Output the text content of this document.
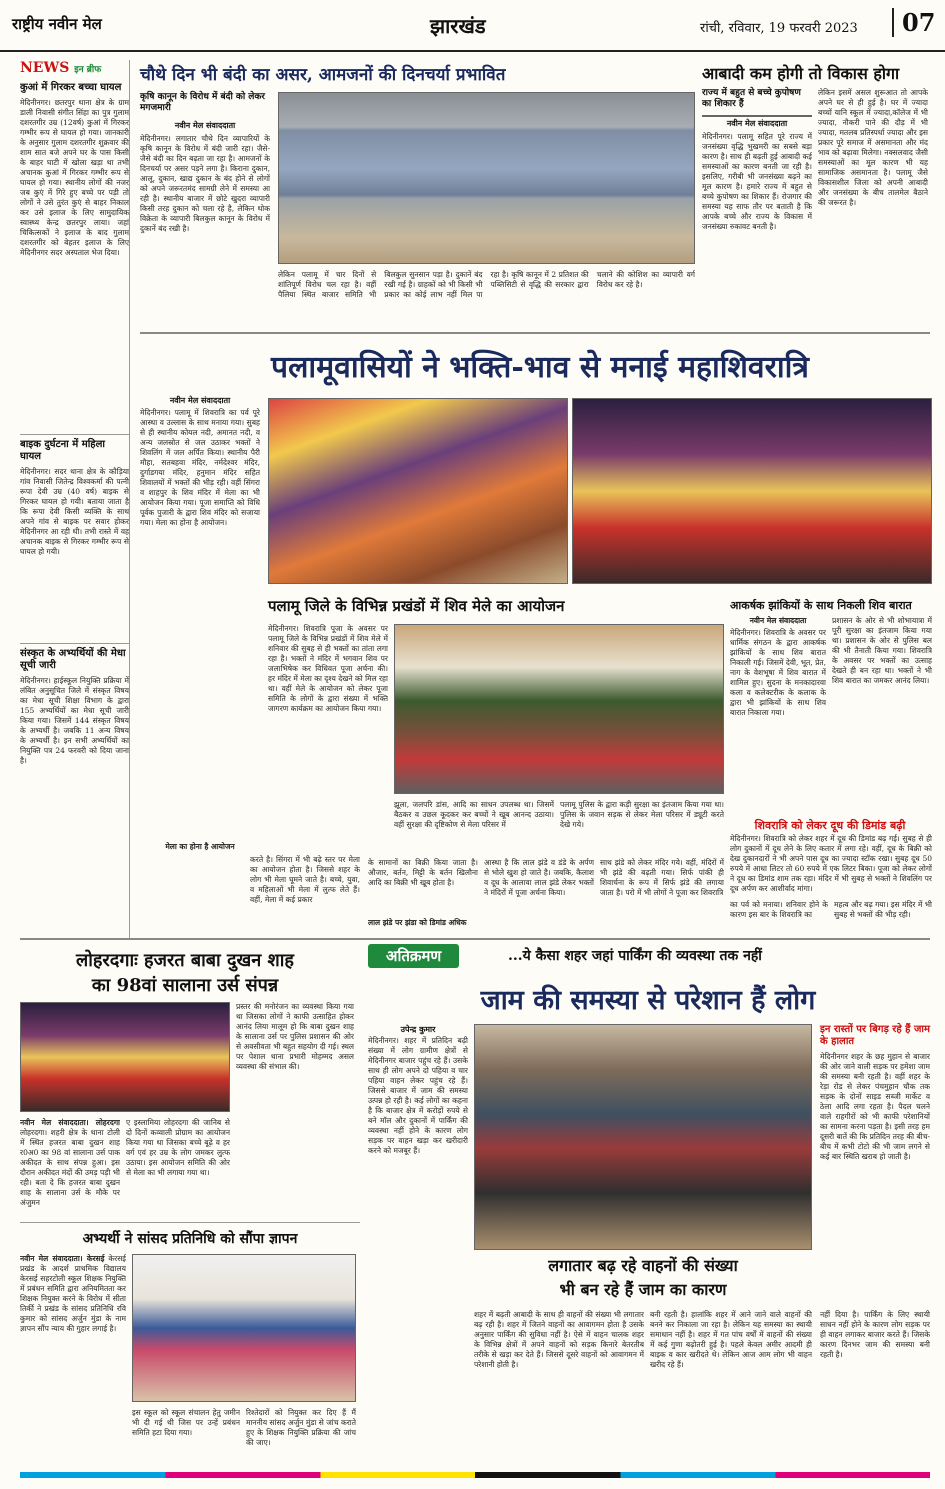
राष्ट्रीय नवीन मेल	झारखंड	रांची, रविवार, 19 फरवरी 2023	07
NEWS इन ब्रीफ
कुआं में गिरकर बच्चा घायल
मेदिनीनगर। छतरपुर थाना क्षेत्र के ग्राम डाली निवासी संगीत सिंहा का पुत्र गुलाम दशरतगीर उम्र (12वर्ष) कुआं में गिरकर गम्भीर रूप से घायल हो गया। जानकारी के अनुसार गुलाम दशरतगीर शुक्रवार की शाम सात बजे अपने घर के पास किसी के बाहर घाटी में खोला खड़ा था तभी अचानक कुआं में गिरकर गम्भीर रूप से घायल हो गया। स्थानीय लोगों की नजर जब कुएं में गिरे हुए बच्चे पर पड़ी तो लोगों ने उसे तुरंत कुएं से बाहर निकाल कर उसे इलाज के लिए सामुदायिक स्वास्थ्य केन्द्र छतरपुर लाया। जहां चिकित्सकों ने इलाज के बाद गुलाम दशरतगीर को बेहतर इलाज के लिए मेदिनीनगर सदर अस्पताल भेज दिया।
बाइक दुर्घटना में महिला घायल
मेदिनीनगर। सदर थाना क्षेत्र के कौड़िया गांव निवासी जितेन्द्र विश्वकर्मा की पत्नी रूपा देवी उम्र (40 वर्ष) बाइक से गिरकर घायल हो गयी। बताया जाता है कि रूपा देवी किसी व्यक्ति के साथ अपने गांव से बाइक पर सवार होकर मेदिनीनगर आ रही थी। तभी रास्ते में वह अचानक बाइक से गिरकर गम्भीर रूप से घायल हो गयी।
संस्कृत के अभ्यर्थियों की मेधा सूची जारी
मेदिनीनगर। हाईस्कूल नियुक्ति प्रक्रिया में लंबित अनुसूचित जिले में संस्कृत विषय का मेधा सूची शिक्षा विभाग के द्वारा 155 अभ्यर्थियों का मेधा सूची जारी किया गया। जिसमें 144 संस्कृत विषय के अभ्यर्थी है। जबकि 11 अन्य विषय के अभ्यर्थी है। इन सभी अभ्यर्थियों का नियुक्ति पत्र 24 फरवरी को दिया जाना है।
चौथे दिन भी बंदी का असर, आमजनों की दिनचर्या प्रभावित
कृषि कानून के विरोध में बंदी को लेकर मगजमारी
नवीन मेल संवाददाता
मेदिनीनगर। लगातार चौथे दिन व्यापारियों के कृषि कानून के विरोध में बंदी जारी रहा। जैसे-जैसे बंदी का दिन बढ़ता जा रहा है। आमजनों के दिनचर्या पर असर पड़ने लगा है। किराना दुकान, आलू, दुकान, खाद्य दुकान के बंद होने से लोगों को अपने जरूरतमंद सामग्री लेने में समस्या आ रही है। स्थानीय बाजार में छोटे खुदरा व्यापारी किसी तरह दुकान को चला रहे है, लेकिन थोक विक्रेता के व्यापारी बिलकुल कानून के विरोध में दुकानें बंद रखी है।
लेकिन पलामू में चार दिनों से शांतिपूर्ण विरोध चल रहा है। वहीं पैलिया स्थित बाजार समिति भी बिलकुल सुनसान पड़ा है। दुकानें बंद रखी गई है। ग्राहकों को भी किसी भी प्रकार का कोई लाभ नहीं मिल पा रहा है। कृषि कानून में 2 प्रतिशत की पब्लिसिटी से वृद्धि की सरकार द्वारा चलाने की कोशिश का व्यापारी वर्ग विरोध कर रहे है।
आबादी कम होगी तो विकास होगा
राज्य में बहुत से बच्चे कुपोषण का शिकार हैं
नवीन मेल संवाददाता
मेदिनीनगर। पलामू सहित पूरे राज्य में जनसंख्या वृद्धि भुखमरी का सबसे बड़ा कारण है। साथ ही बढ़ती हुई आबादी कई समस्याओं का कारण बनती जा रही है। इसलिए, गरीबी भी जनसंख्या बढ़ने का मूल कारण है। हमारे राज्य में बहुत से बच्चे कुपोषण का शिकार हैं। रोजगार की समस्या यह साफ तौर पर बताती है कि आपके बच्चे और राज्य के विकास में जनसंख्या रुकावट बनती है।
लेकिन इसमें असल शुरूआत तो आपके अपने घर से ही हुई है। घर में ज्यादा बच्चों यानि स्कूल में ज्यादा,कॉलेज में भी ज्यादा, नौकरी पाने की दौड़ में भी ज्यादा, मतलब प्रतिस्पर्धा ज्यादा और इस प्रकार पूरे समाज में असमानता और मंद भाव को बढ़ावा मिलेगा। नक्सलवाद जैसी समस्याओं का मूल कारण भी यह सामाजिक असमानता है। पलामू जैसे विकासशील जिला को अपनी आबादी और जनसंख्या के बीच तालमेल बैठाने की जरूरत है।
पलामूवासियों ने भक्ति-भाव से मनाई महाशिवरात्रि
नवीन मेल संवाददाता
मेदिनीनगर। पलामू में शिवरात्रि का पर्व पूरे आस्था व उल्लास के साथ मनाया गया। सुबह से ही स्थानीय कोयल नदी, अमानत नदी, व अन्य जलस्रोत से जल उठाकर भक्तों ने शिवलिंग में जल अर्पित किया। स्थानीय पैरी मौहा, सतबहवा मंदिर, नर्मदेश्वर मंदिर, दुर्गाडगया मंदिर, हनुमान मंदिर सहित शिवालयों में भक्तों की भीड़ रही। वहीं सिंगरा व शाहपुर के शिव मंदिर में मेला का भी आयोजन किया गया। पूजा समाप्ति को विधि पूर्वक पुजारी के द्वारा शिव मंदिर को सजाया गया। मेला का होना है आयोजन।
मेला का होना है आयोजन
करते है। सिंगरा में भी बढ़े स्तर पर मेला का आयोजन होता है। जिससे शहर के लोग भी मेला घूमने जाते है। बच्चे, युवा, व महिलाओं भी मेला में लुत्फ लेते हैं। वहीं, मेला में कई प्रकार
पलामू जिले के विभिन्न प्रखंडों में शिव मेले का आयोजन
मेदिनीनगर। शिवरात्रि पूजा के अवसर पर पलामू जिले के विभिन्न प्रखंडों में शिव मेले में शनिवार की सुबह से ही भक्तों का तांता लगा रहा है। भक्तों ने मंदिर में भगवान शिव पर जलाभिषेक कर विधिवत पूजा अर्चना की। हर मंदिर में मेला का दृश्य देखने को मिल रहा था। वहीं मेले के आयोजन को लेकर पूजा समिति के लोगों के द्वारा संख्या में भक्ति जागरण कार्यक्रम का आयोजन किया गया।
झूला, जलपरि डांस, आदि का साधन उपलब्ध था। जिसमें बैठकर व उछल कूदकर कर बच्चों ने खूब आनन्द उठाया। वहीं सुरक्षा की दृष्टिकोण से मेला परिसर में
पलामू पुलिस के द्वारा कड़ी सुरक्षा का इंतजाम किया गया था। पुलिस के जवान सड़क से लेकर मेला परिसर में ड्यूटी करते देखे गये।
के सामानों का बिक्री किया जाता है। औजार, बर्तन, मिट्टी के बर्तन खिलौना आदि का बिक्री भी खूब होता है।
लाल झंडे पर झंडा को डिमांड अधिक
आस्था है कि लाल झंडे व डंडे के अर्पण से भोले खुश हो जाते है। जबकि, कैलाश व दूध के आलावा लाल झंडे लेकर भक्तों ने मंदिरों में पूजा अर्चना किया।
साथ झंडे को लेकर मंदिर गये। वहीं, मंदिरों में भी झंडे की बढ़ती गया। सिर्फ पांकी ही शिवार्चना के रूप में सिर्फ झंडे की लगाया जाता है। परो में भी लोगों ने पूजा कर शिवरात्रि
आकर्षक झांकियों के साथ निकली शिव बारात
नवीन मेल संवाददाता
मेदिनीनगर। शिवरात्रि के अवसर पर धार्मिक संगठन के द्वारा आकर्षक झांकियों के साथ शिव बारात निकाली गई। जिसमें देवी, भूत, प्रेत, नाग के वेशभूषा में शिव बारात में शामिल हुए। सुदना के मनकादारवा कला व कलेक्टरीक के कलाक के द्वारा भी झांकियों के साथ शिव बारात निकाला गया।
प्रशासन के ओर से भी शोभायात्रा में पूरी सुरक्षा का इंतजाम किया गया था। प्रशासन के ओर से पुलिस बल की भी तैनाती किया गया। शिवरात्रि के अवसर पर भक्तों का उत्साह देखते ही बन रहा था। भक्तों ने भी शिव बारात का जमकर आनंद लिया।
शिवरात्रि को लेकर दूध की डिमांड बढ़ी
मेदिनीनगर। शिवरात्रि को लेकर शहर में दूध की डिमांड बढ़ गई। सुबह से ही लोग दुकानों में दूध लेने के लिए कतार में लगा रहे। वहीं, दूध के बिक्री को देख दुकानदारों ने भी अपने पास दूध का ज्यादा स्टॉक रखा। सुबह दूध 50 रुपये में आधा लिटर तो 60 रुपये में एक लिटर बिका। पूजा को लेकर लोगों ने दूध का डिमांड शाम तक रहा। मंदिर में भी सुबह से भक्तों ने शिवलिंग पर दूध अर्पण कर आशीर्वाद मांगा।
का पर्व को मनाया। शनिवार होने के कारण इस बार के शिवरात्रि का
महत्व और बढ़ गया। इस मंदिर में भी सुबह से भक्तों की भीड़ रही।
लोहरदगाः हजरत बाबा दुखन शाह
का 98वां सालाना उर्स संपन्न
नवीन मेल संवाददाता। लोहरदगा लोहरदगा। शहरी क्षेत्र के थाना टोली में स्थित हजरत बाबा दुखन शाह र0अ0 का 98 वां सालाना उर्स पाक अकीदत के साथ संपन्न हुआ। इस दौरान अकीदत मंदों की उमड़ पड़ी भी रही। बता दे कि हजरत बाबा दुखन शाह के सालाना उर्स के मौके पर अंजुमन
ए इस्लामिया लोहरदगा की जानिब से दो दिनों कव्वाली प्रोग्राम का आयोजन किया गया था जिसका बच्चे बूढ़े व हर वर्ग एवं हर उम्र के लोग जमकर लुत्फ उठाया। इस आयोजन समिति की ओर से मेला का भी लगाया गया था।
प्रस्तर की मनोरंजन का व्यवस्था किया गया था जिसका लोगों ने काफी उत्साहित होकर आनंद लिया मालूम हो कि बाबा दुखन शाह के सालाना उर्स पर पुलिस प्रशासन की ओर से अवसीवता भी बहुत सहयोग दी गई। स्थल पर पेशाल थाना प्रभारी मोहम्मद असल व्यवस्था की संभाल की।
अभ्यर्थी ने सांसद प्रतिनिधि को सौंपा ज्ञापन
नवीन मेल संवाददाता। केरसई केरसई प्रखंड के आदर्श प्राथमिक विद्यालय केरसई सहरटोली स्कूल शिक्षक नियुक्ति में प्रबंधन समिति द्वारा अनियमितता कर शिक्षक नियुक्त करने के विरोध में सीता तिर्की ने प्रखंड के सांसद प्रतिनिधि रवि कुमार को सांसद अर्जुन मुंडा के नाम ज्ञापन सौंप न्याय की गुहार लगाई है।
इस स्कूल को स्कूल संचालन हेतु जमीन भी दी गई थी जिस पर उन्हें प्रबंधन समिति हटा दिया गया।
रिश्तेदारों को नियुक्त कर दिए हैं मैं माननीय सांसद अर्जुन मुंडा से जांच कराते हुए के शिक्षक नियुक्ति प्रक्रिया की जांच की जाए।
अतिक्रमण	...ये कैसा शहर जहां पार्किंग की व्यवस्था तक नहीं
जाम की समस्या से परेशान हैं लोग
उपेन्द्र कुमार
मेदिनीनगर। शहर में प्रतिदिन बढ़ी संख्या में लोग ग्रामीण क्षेत्रों से मेदिनीनगर बाजार पहुंच रहे हैं। उसके साथ ही लोग अपने दो पहिया व चार पहिया वाहन लेकर पहुंच रहे हैं। जिससे बाजार में जाम की समस्या उत्पन्न हो रही है। कई लोगों का कहना है कि बाजार क्षेत्र में करोड़ों रुपये से बने मॉल और दुकानों में पार्किंग की व्यवस्था नहीं होने के कारण लोग सड़क पर वाहन खड़ा कर खरीदारी करने को मजबूर हैं।
लगातार बढ़ रहे वाहनों की संख्या
भी बन रहे हैं जाम का कारण
इन रास्तों पर बिगड़ रहे हैं जाम के हालात
मेदिनीनगर शहर के छह मुहान से बाजार की ओर जाने वाली सड़क पर हमेशा जाम की समस्या बनी रहती है। वहीं शहर के रेड़ा रोड से लेकर पंचमुहान चौक तक सड़क के दोनों साइड सब्जी मार्केट व ठेला आदि लगा रहता है। पैदल चलने वाले राहगीरों को भी काफी परेशानियों का सामना करना पड़ता है। इसी तरह हम दूसरी बातें की कि प्रतिदिन तरह की बीच-बीच में कभी टोटो की भी जाम लगने से कई बार स्थिति खराब हो जाती है।
शहर में बढ़ती आबादी के साथ ही वाहनों की संख्या भी लगातार बढ़ रही है। शहर में जितने वाहनों का आवागमन होता है उसके अनुसार पार्किंग की सुविधा नहीं है। ऐसे में वाहन चालक शहर के विभिन्न क्षेत्रों में अपने वाहनों को सड़क किनारे बेतरतीब तरीके से खड़ा कर देते हैं। जिससे दूसरे वाहनों को आवागमन में परेशानी होती है।
बनी रहती है। हालांकि शहर में आने जाने वाले वाहनों की बनने कर निकाला जा रहा है। लेकिन यह समस्या का स्थायी समाधान नहीं है। शहर में गत पांच वर्षों में वाहनों की संख्या में कई गुणा बढ़ोतरी हुई है। पहले केवल अमीर आदमी ही बाइक व कार खरीदते थे। लेकिन आज आम लोग भी वाहन खरीद रहे हैं।
नहीं दिया है। पार्किंग के लिए स्थायी साधन नहीं होने के कारण लोग सड़क पर ही वाहन लगाकर बाजार करते हैं। जिसके कारण दिनभर जाम की समस्या बनी रहती है।
